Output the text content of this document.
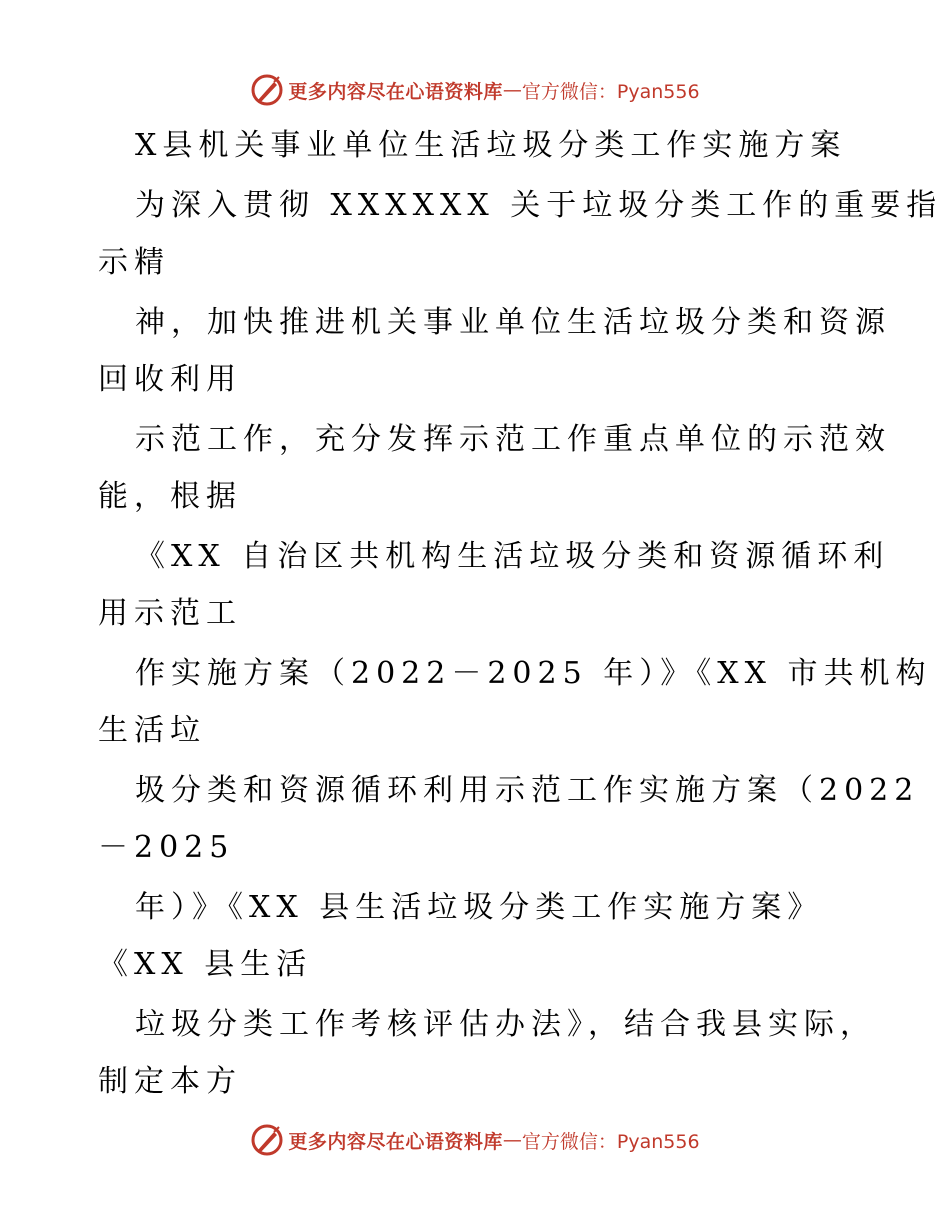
更多内容尽在心语资料库 — 官方微信：Pyan556
X县机关事业单位生活垃圾分类工作实施方案
为深入贯彻 XXXXXX 关于垃圾分类工作的重要指
示精
神，加快推进机关事业单位生活垃圾分类和资源
回收利用
示范工作，充分发挥示范工作重点单位的示范效
能，根据
《XX 自治区共机构生活垃圾分类和资源循环利
用示范工
作实施方案（2022－2025 年）》《XX 市共机构
生活垃
圾分类和资源循环利用示范工作实施方案（2022
－2025
年）》《XX 县生活垃圾分类工作实施方案》
《XX 县生活
垃圾分类工作考核评估办法》，结合我县实际，
制定本方
更多内容尽在心语资料库 — 官方微信：Pyan556
